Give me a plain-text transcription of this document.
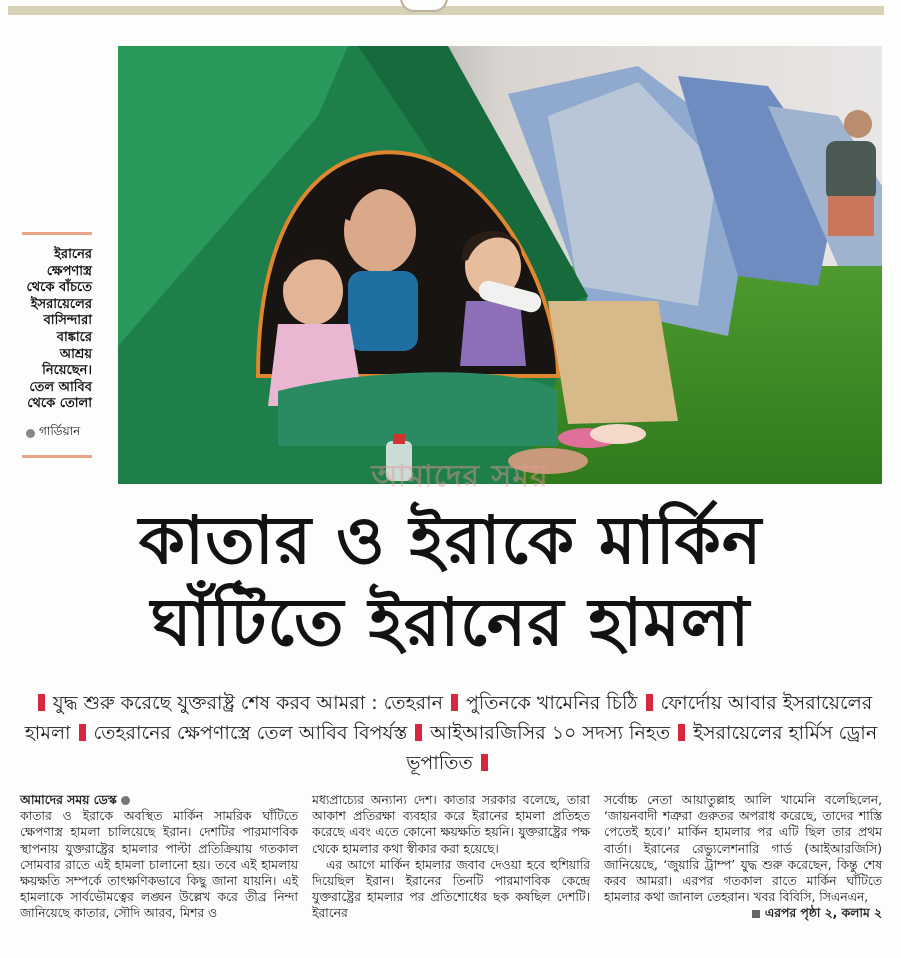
ইরানের ক্ষেপণাস্ত্র থেকে বাঁচতে ইসরায়েলের বাসিন্দারা বাঙ্কারে আশ্রয় নিয়েছেন। তেল আবিব থেকে তোলা

গার্ডিয়ান
আমাদের সময়
কাতার ও ইরাকে মার্কিন
ঘাঁটিতে ইরানের হামলা
যুদ্ধ শুরু করেছে যুক্তরাষ্ট্র শেষ করব আমরা : তেহরান পুতিনকে খামেনির চিঠি ফোর্দোয় আবার ইসরায়েলের হামলা তেহরানের ক্ষেপণাস্ত্রে তেল আবিব বিপর্যস্ত আইআরজিসির ১০ সদস্য নিহত ইসরায়েলের হার্মিস ড্রোন ভূপাতিত

আমাদের সময় ডেস্ক

কাতার ও ইরাকে অবস্থিত মার্কিন সামরিক ঘাঁটিতে ক্ষেপণাস্ত্র হামলা চালিয়েছে ইরান। দেশটির পারমাণবিক স্থাপনায় যুক্তরাষ্ট্রের হামলার পাল্টা প্রতিক্রিয়ায় গতকাল সোমবার রাতে এই হামলা চালানো হয়। তবে এই হামলায় ক্ষয়ক্ষতি সম্পর্কে তাৎক্ষণিকভাবে কিছু জানা যায়নি। এই হামলাকে সার্বভৌমত্বের লঙ্ঘন উল্লেখ করে তীব্র নিন্দা জানিয়েছে কাতার, সৌদি আরব, মিশর ও

মধ্যপ্রাচ্যের অন্যান্য দেশ। কাতার সরকার বলেছে, তারা আকাশ প্রতিরক্ষা ব্যবহার করে ইরানের হামলা প্রতিহত করেছে এবং এতে কোনো ক্ষয়ক্ষতি হয়নি। যুক্তরাষ্ট্রের পক্ষ থেকে হামলার কথা স্বীকার করা হয়েছে।

এর আগে মার্কিন হামলার জবাব দেওয়া হবে হুশিয়ারি দিয়েছিল ইরান। ইরানের তিনটি পারমাণবিক কেন্দ্রে যুক্তরাষ্ট্রের হামলার পর প্রতিশোধের ছক কষছিল দেশটি। ইরানের

সর্বোচ্চ নেতা আয়াতুল্লাহ আলি খামেনি বলেছিলেন, ‘জায়নবাদী শত্রুরা গুরুতর অপরাধ করেছে, তাদের শাস্তি পেতেই হবে।’ মার্কিন হামলার পর এটি ছিল তার প্রথম বার্তা। ইরানের রেভ্যুলেশনারি গার্ড (আইআরজিসি) জানিয়েছে, ‘জুয়ারি ট্রাম্প’ যুদ্ধ শুরু করেছেন, কিন্তু শেষ করব আমরা। এরপর গতকাল রাতে মার্কিন ঘাঁটিতে হামলার কথা জানাল তেহরান। খবর বিবিসি, সিএনএন,

এরপর পৃষ্ঠা ২, কলাম ২
